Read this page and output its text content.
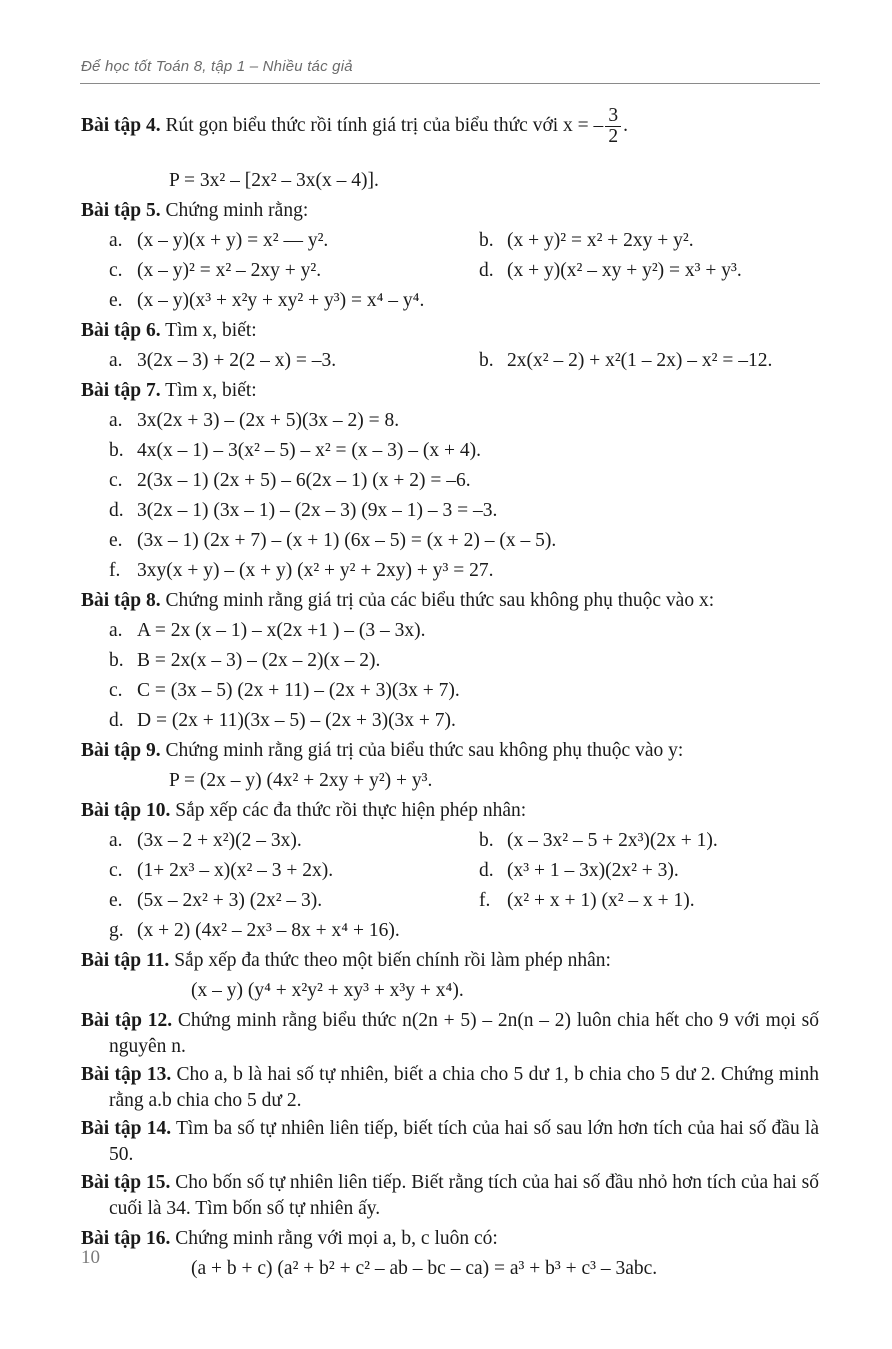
Để học tốt Toán 8, tập 1 – Nhiều tác giả
Bài tập 4. Rút gọn biểu thức rồi tính giá trị của biểu thức với x = – $\frac{3}{2}$ .
P = 3x² – [2x² – 3x(x – 4)].
Bài tập 5. Chứng minh rằng:
a. (x – y)(x + y) = x² — y².	b. (x + y)² = x² + 2xy + y².
c. (x – y)² = x² – 2xy + y².	d. (x + y)(x² – xy + y²) = x³ + y³.
e. (x – y)(x³ + x²y + xy² + y³) = x⁴ – y⁴.
Bài tập 6. Tìm x, biết:
a. 3(2x – 3) + 2(2 – x) = –3.	b. 2x(x² – 2) + x²(1 – 2x) – x² = –12.
Bài tập 7. Tìm x, biết:
a. 3x(2x + 3) – (2x + 5)(3x – 2) = 8.
b. 4x(x – 1) – 3(x² – 5) – x² = (x – 3) – (x + 4).
c. 2(3x – 1) (2x + 5) – 6(2x – 1) (x + 2) = –6.
d. 3(2x – 1) (3x – 1) – (2x – 3) (9x – 1) – 3 = –3.
e. (3x – 1) (2x + 7) – (x + 1) (6x – 5) = (x + 2) – (x – 5).
f. 3xy(x + y) – (x + y) (x² + y² + 2xy) + y³ = 27.
Bài tập 8. Chứng minh rằng giá trị của các biểu thức sau không phụ thuộc vào x:
a. A = 2x (x – 1) – x(2x +1 ) – (3 – 3x).
b. B = 2x(x – 3) – (2x – 2)(x – 2).
c. C = (3x – 5) (2x + 11) – (2x + 3)(3x + 7).
d. D = (2x + 11)(3x – 5) – (2x + 3)(3x + 7).
Bài tập 9. Chứng minh rằng giá trị của biểu thức sau không phụ thuộc vào y:
P = (2x – y) (4x² + 2xy + y²) + y³.
Bài tập 10. Sắp xếp các đa thức rồi thực hiện phép nhân:
a. (3x – 2 + x²)(2 – 3x).	b. (x – 3x² – 5 + 2x³)(2x + 1).
c. (1+ 2x³ – x)(x² – 3 + 2x).	d. (x³ + 1 – 3x)(2x² + 3).
e. (5x – 2x² + 3) (2x² – 3).	f. (x² + x + 1) (x² – x + 1).
g. (x + 2) (4x² – 2x³ – 8x + x⁴ + 16).
Bài tập 11. Sắp xếp đa thức theo một biến chính rồi làm phép nhân:
(x – y) (y⁴ + x²y² + xy³ + x³y + x⁴).
Bài tập 12. Chứng minh rằng biểu thức n(2n + 5) – 2n(n – 2) luôn chia hết cho 9 với mọi số nguyên n.
Bài tập 13. Cho a, b là hai số tự nhiên, biết a chia cho 5 dư 1, b chia cho 5 dư 2. Chứng minh rằng a.b chia cho 5 dư 2.
Bài tập 14. Tìm ba số tự nhiên liên tiếp, biết tích của hai số sau lớn hơn tích của hai số đầu là 50.
Bài tập 15. Cho bốn số tự nhiên liên tiếp. Biết rằng tích của hai số đầu nhỏ hơn tích của hai số cuối là 34. Tìm bốn số tự nhiên ấy.
Bài tập 16. Chứng minh rằng với mọi a, b, c luôn có:
(a + b + c) (a² + b² + c² – ab – bc – ca) = a³ + b³ + c³ – 3abc.
10
